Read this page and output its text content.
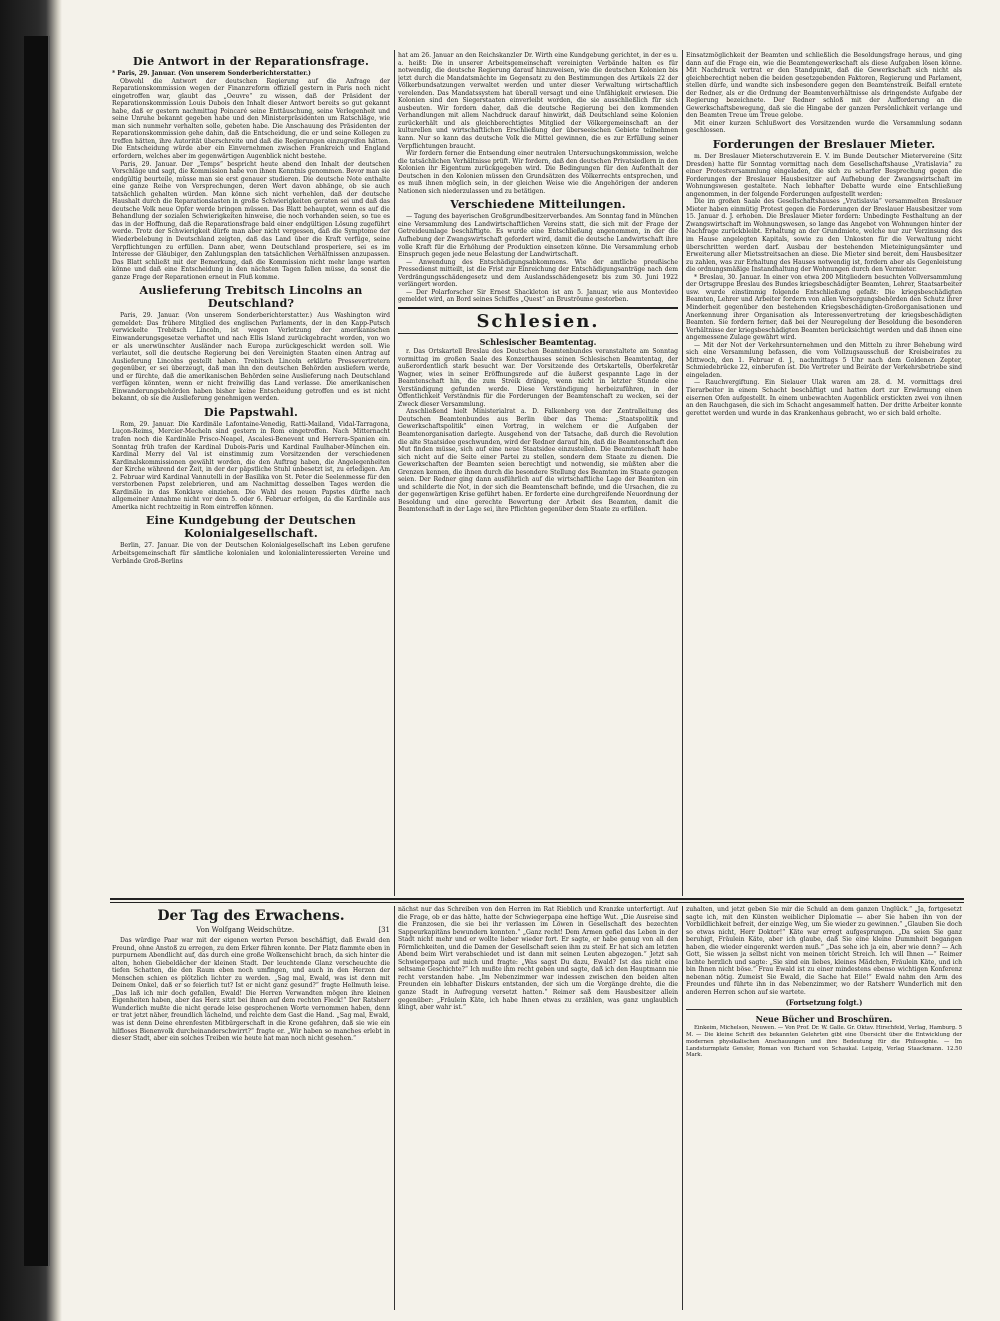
Die Antwort in der Reparationsfrage.

* Paris, 29. Januar. (Von unserem Sonderberichterstatter.)

Obwohl die Antwort der deutschen Regierung auf die Anfrage der Reparationskommission wegen der Finanzreform offiziell gestern in Paris noch nicht eingetroffen war, glaubt das „Oeuvre“ zu wissen, daß der Präsident der Reparationskommission Louis Dubois den Inhalt dieser Antwort bereits so gut gekannt habe, daß er gestern nachmittag Poincaré seine Enttäuschung, seine Verlegenheit und seine Unruhe bekannt gegeben habe und den Ministerpräsidenten um Ratschläge, wie man sich nunmehr verhalten solle, gebeten habe. Die Anschauung des Präsidenten der Reparationskommission gehe dahin, daß die Entscheidung, die er und seine Kollegen zu treffen hätten, ihre Autorität überschreite und daß die Regierungen einzugreifen hätten. Die Entscheidung würde aber ein Einvernehmen zwischen Frankreich und England erfordern, welches aber im gegenwärtigen Augenblick nicht bestehe.

Paris, 29. Januar. Der „Temps“ bespricht heute abend den Inhalt der deutschen Vorschläge und sagt, die Kommission habe von ihnen Kenntnis genommen. Bevor man sie endgültig beurteile, müsse man sie erst genauer studieren. Die deutsche Note enthalte eine ganze Reihe von Versprechungen, deren Wert davon abhänge, ob sie auch tatsächlich gehalten würden. Man könne sich nicht verhehlen, daß der deutsche Haushalt durch die Reparationslasten in große Schwierigkeiten geraten sei und daß das deutsche Volk neue Opfer werde bringen müssen. Das Blatt behauptet, wenn es auf die Behandlung der sozialen Schwierigkeiten hinweise, die noch vorhanden seien, so tue es das in der Hoffnung, daß die Reparationsfrage bald einer endgültigen Lösung zugeführt werde. Trotz der Schwierigkeit dürfe man aber nicht vergessen, daß die Symptome der Wiederbelebung in Deutschland zeigten, daß das Land über die Kraft verfüge, seine Verpflichtungen zu erfüllen. Dann aber, wenn Deutschland prosperiere, sei es im Interesse der Gläubiger, den Zahlungsplan den tatsächlichen Verhältnissen anzupassen. Das Blatt schließt mit der Bemerkung, daß die Kommission nicht mehr lange warten könne und daß eine Entscheidung in den nächsten Tagen fallen müsse, da sonst die ganze Frage der Reparationen erneut in Fluß komme.

Auslieferung Trebitsch Lincolns an Deutschland?

Paris, 29. Januar. (Von unserem Sonderberichterstatter.) Aus Washington wird gemeldet: Das frühere Mitglied des englischen Parlaments, der in den Kapp-Putsch verwickelte Trebitsch Lincoln, ist wegen Verletzung der amerikanischen Einwanderungsgesetze verhaftet und nach Ellis Island zurückgebracht worden, von wo er als unerwünschter Ausländer nach Europa zurückgeschickt werden soll. Wie verlautet, soll die deutsche Regierung bei den Vereinigten Staaten einen Antrag auf Auslieferung Lincolns gestellt haben. Trebitsch Lincoln erklärte Pressevertretern gegenüber, er sei überzeugt, daß man ihn den deutschen Behörden ausliefern werde, und er fürchte, daß die amerikanischen Behörden seine Auslieferung nach Deutschland verfügen könnten, wenn er nicht freiwillig das Land verlasse. Die amerikanischen Einwanderungsbehörden haben bisher keine Entscheidung getroffen und es ist nicht bekannt, ob sie die Auslieferung genehmigen werden.

Die Papstwahl.

Rom, 29. Januar. Die Kardinäle Lafontaine-Venedig, Ratti-Mailand, Vidal-Tarragona, Luçon-Reims, Mercier-Mecheln sind gestern in Rom eingetroffen. Nach Mitternacht trafen noch die Kardinäle Prisco-Neapel, Ascalesi-Benevent und Herrera-Spanien ein. Sonntag früh trafen der Kardinal Dubois-Paris und Kardinal Faulhaber-München ein. Kardinal Merry del Val ist einstimmig zum Vorsitzenden der verschiedenen Kardinalskommissionen gewählt worden, die den Auftrag haben, die Angelegenheiten der Kirche während der Zeit, in der der päpstliche Stuhl unbesetzt ist, zu erledigen. Am 2. Februar wird Kardinal Vannutelli in der Basilika von St. Peter die Seelenmesse für den verstorbenen Papst zelebrieren, und am Nachmittag desselben Tages werden die Kardinäle in das Konklave einziehen. Die Wahl des neuen Papstes dürfte nach allgemeiner Annahme nicht vor dem 5. oder 6. Februar erfolgen, da die Kardinäle aus Amerika nicht rechtzeitig in Rom eintreffen können.

Eine Kundgebung der Deutschen Kolonialgesellschaft.

Berlin, 27. Januar. Die von der Deutschen Kolonialgesellschaft ins Leben gerufene Arbeitsgemeinschaft für sämtliche kolonialen und kolonialinteressierten Vereine und Verbände Groß-Berlins

hat am 26. Januar an den Reichskanzler Dr. Wirth eine Kundgebung gerichtet, in der es u. a. heißt: Die in unserer Arbeitsgemeinschaft vereinigten Verbände halten es für notwendig, die deutsche Regierung darauf hinzuweisen, wie die deutschen Kolonien bis jetzt durch die Mandatsmächte im Gegensatz zu den Bestimmungen des Artikels 22 der Völkerbundsatzungen verwaltet werden und unter dieser Verwaltung wirtschaftlich verelenden. Das Mandatssystem hat überall versagt und eine Unfähigkeit erwiesen. Die Kolonien sind den Siegerstaaten einverleibt worden, die sie ausschließlich für sich ausbeuten. Wir fordern daher, daß die deutsche Regierung bei den kommenden Verhandlungen mit allem Nachdruck darauf hinwirkt, daß Deutschland seine Kolonien zurückerhält und als gleichberechtigtes Mitglied der Völkergemeinschaft an der kulturellen und wirtschaftlichen Erschließung der überseeischen Gebiete teilnehmen kann. Nur so kann das deutsche Volk die Mittel gewinnen, die es zur Erfüllung seiner Verpflichtungen braucht.

Wir fordern ferner die Entsendung einer neutralen Untersuchungskommission, welche die tatsächlichen Verhältnisse prüft. Wir fordern, daß den deutschen Privatsiedlern in den Kolonien ihr Eigentum zurückgegeben wird. Die Bedingungen für den Aufenthalt der Deutschen in den Kolonien müssen den Grundsätzen des Völkerrechts entsprechen, und es muß ihnen möglich sein, in der gleichen Weise wie die Angehörigen der anderen Nationen sich niederzulassen und zu betätigen.

Verschiedene Mitteilungen.

— Tagung des bayerischen Großgrundbesitzerverbandes. Am Sonntag fand in München eine Versammlung des Landwirtschaftlichen Vereins statt, die sich mit der Frage der Getreideumlage beschäftigte. Es wurde eine Entschließung angenommen, in der die Aufhebung der Zwangswirtschaft gefordert wird, damit die deutsche Landwirtschaft ihre volle Kraft für die Erhöhung der Produktion einsetzen könne. Die Versammlung erhob Einspruch gegen jede neue Belastung der Landwirtschaft.

— Anwendung des Entschädigungsabkommens. Wie der amtliche preußische Pressedienst mitteilt, ist die Frist zur Einreichung der Entschädigungsanträge nach dem Verdrängungsschädengesetz und dem Auslandsschädengesetz bis zum 30. Juni 1922 verlängert worden.

— Der Polarforscher Sir Ernest Shackleton ist am 5. Januar, wie aus Montevideo gemeldet wird, an Bord seines Schiffes „Quest“ an Bruströume gestorben.

Schlesien.
Schlesischer Beamtentag.

r. Das Ortskartell Breslau des Deutschen Beamtenbundes veranstaltete am Sonntag vormittag im großen Saale des Konzerthauses seinen Schlesischen Beamtentag, der außerordentlich stark besucht war. Der Vorsitzende des Ortskartells, Oberfekretär Wagner, wies in seiner Eröffnungsrede auf die äußerst gespannte Lage in der Beamtenschaft hin, die zum Streik dränge, wenn nicht in letzter Stunde eine Verständigung gefunden werde. Diese Verständigung herbeizuführen, in der Öffentlichkeit Verständnis für die Forderungen der Beamtenschaft zu wecken, sei der Zweck dieser Versammlung.

Anschließend hielt Ministerialrat a. D. Falkenberg von der Zentralleitung des Deutschen Beamtenbundes aus Berlin über das Thema: „Staatspolitik und Gewerkschaftspolitik“ einen Vortrag, in welchem er die Aufgaben der Beamtenorganisation darlegte. Ausgehend von der Tatsache, daß durch die Revolution die alte Staatsidee geschwunden, wird der Redner darauf hin, daß die Beamtenschaft den Mut finden müsse, sich auf eine neue Staatsidee einzustellen. Die Beamtenschaft habe sich nicht auf die Seite einer Partei zu stellen, sondern dem Staate zu dienen. Die Gewerkschaften der Beamten seien berechtigt und notwendig, sie müßten aber die Grenzen kennen, die ihnen durch die besondere Stellung des Beamten im Staate gezogen seien. Der Redner ging dann ausführlich auf die wirtschaftliche Lage der Beamten ein und schilderte die Not, in der sich die Beamtenschaft befinde, und die Ursachen, die zu der gegenwärtigen Krise geführt haben. Er forderte eine durchgreifende Neuordnung der Besoldung und eine gerechte Bewertung der Arbeit des Beamten, damit die Beamtenschaft in der Lage sei, ihre Pflichten gegenüber dem Staate zu erfüllen.

Einsatzmöglichkeit der Beamten und schließlich die Besoldungsfrage heraus, und ging dann auf die Frage ein, wie die Beamtengewerkschaft als diese Aufgaben lösen könne. Mit Nachdruck vertrat er den Standpunkt, daß die Gewerkschaft sich nicht als gleichberechtigt neben die beiden gesetzgebenden Faktoren, Regierung und Parlament, stellen dürfe, und wandte sich insbesondere gegen den Beamtenstreik. Beifall erntete der Redner, als er die Ordnung der Beamtenverhältnisse als dringendste Aufgabe der Regierung bezeichnete. Der Redner schloß mit der Aufforderung an die Gewerkschaftsbewegung, daß sie die Hingabe der ganzen Persönlichkeit verlange und den Beamten Treue um Treue gelobe.

Mit einer kurzen Schlußwort des Vorsitzenden wurde die Versammlung sodann geschlossen.

Forderungen der Breslauer Mieter.

m. Der Breslauer Mieterschutzverein E. V. im Bunde Deutscher Mietervereine (Sitz Dresden) hatte für Sonntag vormittag nach dem Gesellschaftshause „Vratislavia“ zu einer Protestversammlung eingeladen, die sich zu scharfer Besprechung gegen die Forderungen der Breslauer Hausbesitzer auf Aufhebung der Zwangswirtschaft im Wohnungswesen gestaltete. Nach lebhafter Debatte wurde eine Entschließung angenommen, in der folgende Forderungen aufgestellt werden:

Die im großen Saale des Gesellschaftshauses „Vratislavia“ versammelten Breslauer Mieter haben einmütig Protest gegen die Forderungen der Breslauer Hausbesitzer vom 15. Januar d. J. erhoben. Die Breslauer Mieter fordern: Unbedingte Festhaltung an der Zwangswirtschaft im Wohnungswesen, so lange das Angebot von Wohnungen hinter der Nachfrage zurückbleibt. Erhaltung an der Grundmiete, welche nur zur Verzinsung des im Hause angelegten Kapitals, sowie zu den Unkosten für die Verwaltung nicht überschritten werden darf. Ausbau der bestehenden Mieteinigungsämter und Erweiterung aller Mietsstreitsachen an diese. Die Mieter sind bereit, dem Hausbesitzer zu zahlen, was zur Erhaltung des Hauses notwendig ist, fordern aber als Gegenleistung die ordnungsmäßige Instandhaltung der Wohnungen durch den Vermieter.

* Breslau, 30. Januar. In einer von etwa 200 Mitgliedern besuchten Vollversammlung der Ortsgruppe Breslau des Bundes kriegsbeschädigter Beamten, Lehrer, Staatsarbeiter usw. wurde einstimmig folgende Entschließung gefaßt: Die kriegsbeschädigten Beamten, Lehrer und Arbeiter fordern von allen Versorgungsbehörden den Schutz ihrer Minderheit gegenüber den bestehenden Kriegsbeschädigten-Großorganisationen und Anerkennung ihrer Organisation als Interessenvertretung der kriegsbeschädigten Beamten. Sie fordern ferner, daß bei der Neuregelung der Besoldung die besonderen Verhältnisse der kriegsbeschädigten Beamten berücksichtigt werden und daß ihnen eine angemessene Zulage gewährt wird.

— Mit der Not der Verkehrsunternehmen und den Mitteln zu ihrer Behebung wird sich eine Versammlung befassen, die vom Vollzugsausschuß der Kreisbeirates zu Mittwoch, den 1. Februar d. J., nachmittags 5 Uhr nach dem Goldenen Zepter, Schmiedebrücke 22, einberufen ist. Die Vertreter und Beiräte der Verkehrsbetriebe sind eingeladen.

— Rauchvergiftung. Ein Sielauer Ulak waren am 28. d. M. vormittags drei Tierarbeiter in einem Schacht beschäftigt und hatten dort zur Erwärmung einen eisernen Ofen aufgestellt. In einem unbewachten Augenblick erstickten zwei von ihnen an den Rauchgasen, die sich im Schacht angesammelt hatten. Der dritte Arbeiter konnte gerettet werden und wurde in das Krankenhaus gebracht, wo er sich bald erholte.

Der Tag des Erwachens.
Von Wolfgang Weidschütze.	[31

Das würdige Paar war mit der eigenen werten Person beschäftigt, daß Ewald den Freund, ohne Anstoß zu erregen, zu dem Erker führen konnte. Der Platz flammte eben in purpurnem Abendlicht auf, das durch eine große Wolkenschicht brach, da sich hinter die alten, hohen Giebeldächer der kleinen Stadt. Der leuchtende Glanz verscheuchte die tiefen Schatten, die den Raum eben noch umfingen, und auch in den Herzen der Menschen schien es plötzlich lichter zu werden. „Sag mal, Ewald, was ist denn mit Deinem Onkel, daß er so feierlich tut? Ist er nicht ganz gesund?“ fragte Hellmuth leise. „Das laß ich mir doch gefallen, Ewald! Die Herren Verwandten mögen ihre kleinen Eigenheiten haben, aber das Herz sitzt bei ihnen auf dem rechten Fleck!“ Der Ratsherr Wunderlich mußte die nicht gerade leise gesprochenen Worte vernommen haben, denn er trat jetzt näher, freundlich lächelnd, und reichte dem Gast die Hand. „Sag mal, Ewald, was ist denn Deine ehrenfesten Mitbürgerschaft in die Krone gefahren, daß sie wie ein hilfloses Bienenvolk durcheinanderschwirrt?“ fragte er. „Wir haben so manches erlebt in dieser Stadt, aber ein solches Treiben wie heute hat man noch nicht gesehen.“

nächst nur das Schreiben von den Herren im Rat Rieblich und Kranzke unterfertigt. Auf die Frage, ob er das hätte, hatte der Schwiegerpapa eine heftige Wut. „Die Ausreise sind die Franzosen, die sie bei ihr verlassen im Löwen in Gesellschaft des bezechten Sappeurkapitäns bewundern konnten.“ „Ganz recht! Dem Armen gefiel das Leben in der Stadt nicht mehr und er wollte lieber wieder fort. Er sagte, er habe genug von all den Förmlichkeiten, und die Damen der Gesellschaft seien ihm zu steif. Er hat sich am letzten Abend beim Wirt verabschiedet und ist dann mit seinen Leuten abgezogen.“ Jetzt sah Schwiegerpapa auf mich und fragte: „Was sagst Du dazu, Ewald? Ist das nicht eine seltsame Geschichte?“ Ich mußte ihm recht geben und sagte, daß ich den Hauptmann nie recht verstanden habe. „Im Nebenzimmer war indessen zwischen den beiden alten Freunden ein lebhafter Diskurs entstanden, der sich um die Vorgänge drehte, die die ganze Stadt in Aufregung versetzt hatten.“ Reimer saß dem Hausbesitzer allein gegenüber: „Fräulein Käte, ich habe Ihnen etwas zu erzählen, was ganz unglaublich klingt, aber wahr ist.“

zuhalten, und jetzt geben Sie mir die Schuld an dem ganzen Unglück.“ „Ja, fortgesetzt sagte ich, mit den Künsten weiblicher Diplomatie — aber Sie haben ihn von der Vorbildlichkeit befreit, der einzige Weg, um Sie wieder zu gewinnen.“ „Glauben Sie doch so etwas nicht, Herr Doktor!“ Käte war erregt aufgesprungen. „Da seien Sie ganz beruhigt, Fräulein Käte, aber ich glaube, daß Sie eine kleine Dummheit begangen haben, die wieder eingerenkt werden muß.“ „Das sehe ich ja ein, aber wie denn? — Ach Gott, Sie wissen ja selbst nicht von meinen töricht Streich. Ich will Ihnen —“ Reimer lachte herzlich und sagte: „Sie sind ein liebes, kleines Mädchen, Fräulein Käte, und ich bin Ihnen nicht böse.“ Frau Ewald ist zu einer mindestens ebenso wichtigen Konferenz nebenan nötig. Zumeist Sie Ewald, die Sache hat Eile!“ Ewald nahm den Arm des Freundes und führte ihn in das Nebenzimmer, wo der Ratsherr Wunderlich mit den anderen Herren schon auf sie wartete.

(Fortsetzung folgt.)
Neue Bücher und Broschüren.

Einkeim, Michelson, Neuwen. — Von Prof. Dr. W. Galle. Gr. Oktav. Hirschfeld, Verlag, Hamburg. 5 M. — Die kleine Schrift des bekannten Gelehrten gibt eine Übersicht über die Entwicklung der modernen physikalischen Anschauungen und ihre Bedeutung für die Philosophie. — Im Landsturmplatz Gensler, Roman von Richard von Schaukal. Leipzig, Verlag Staackmann. 12.50 Mark.
